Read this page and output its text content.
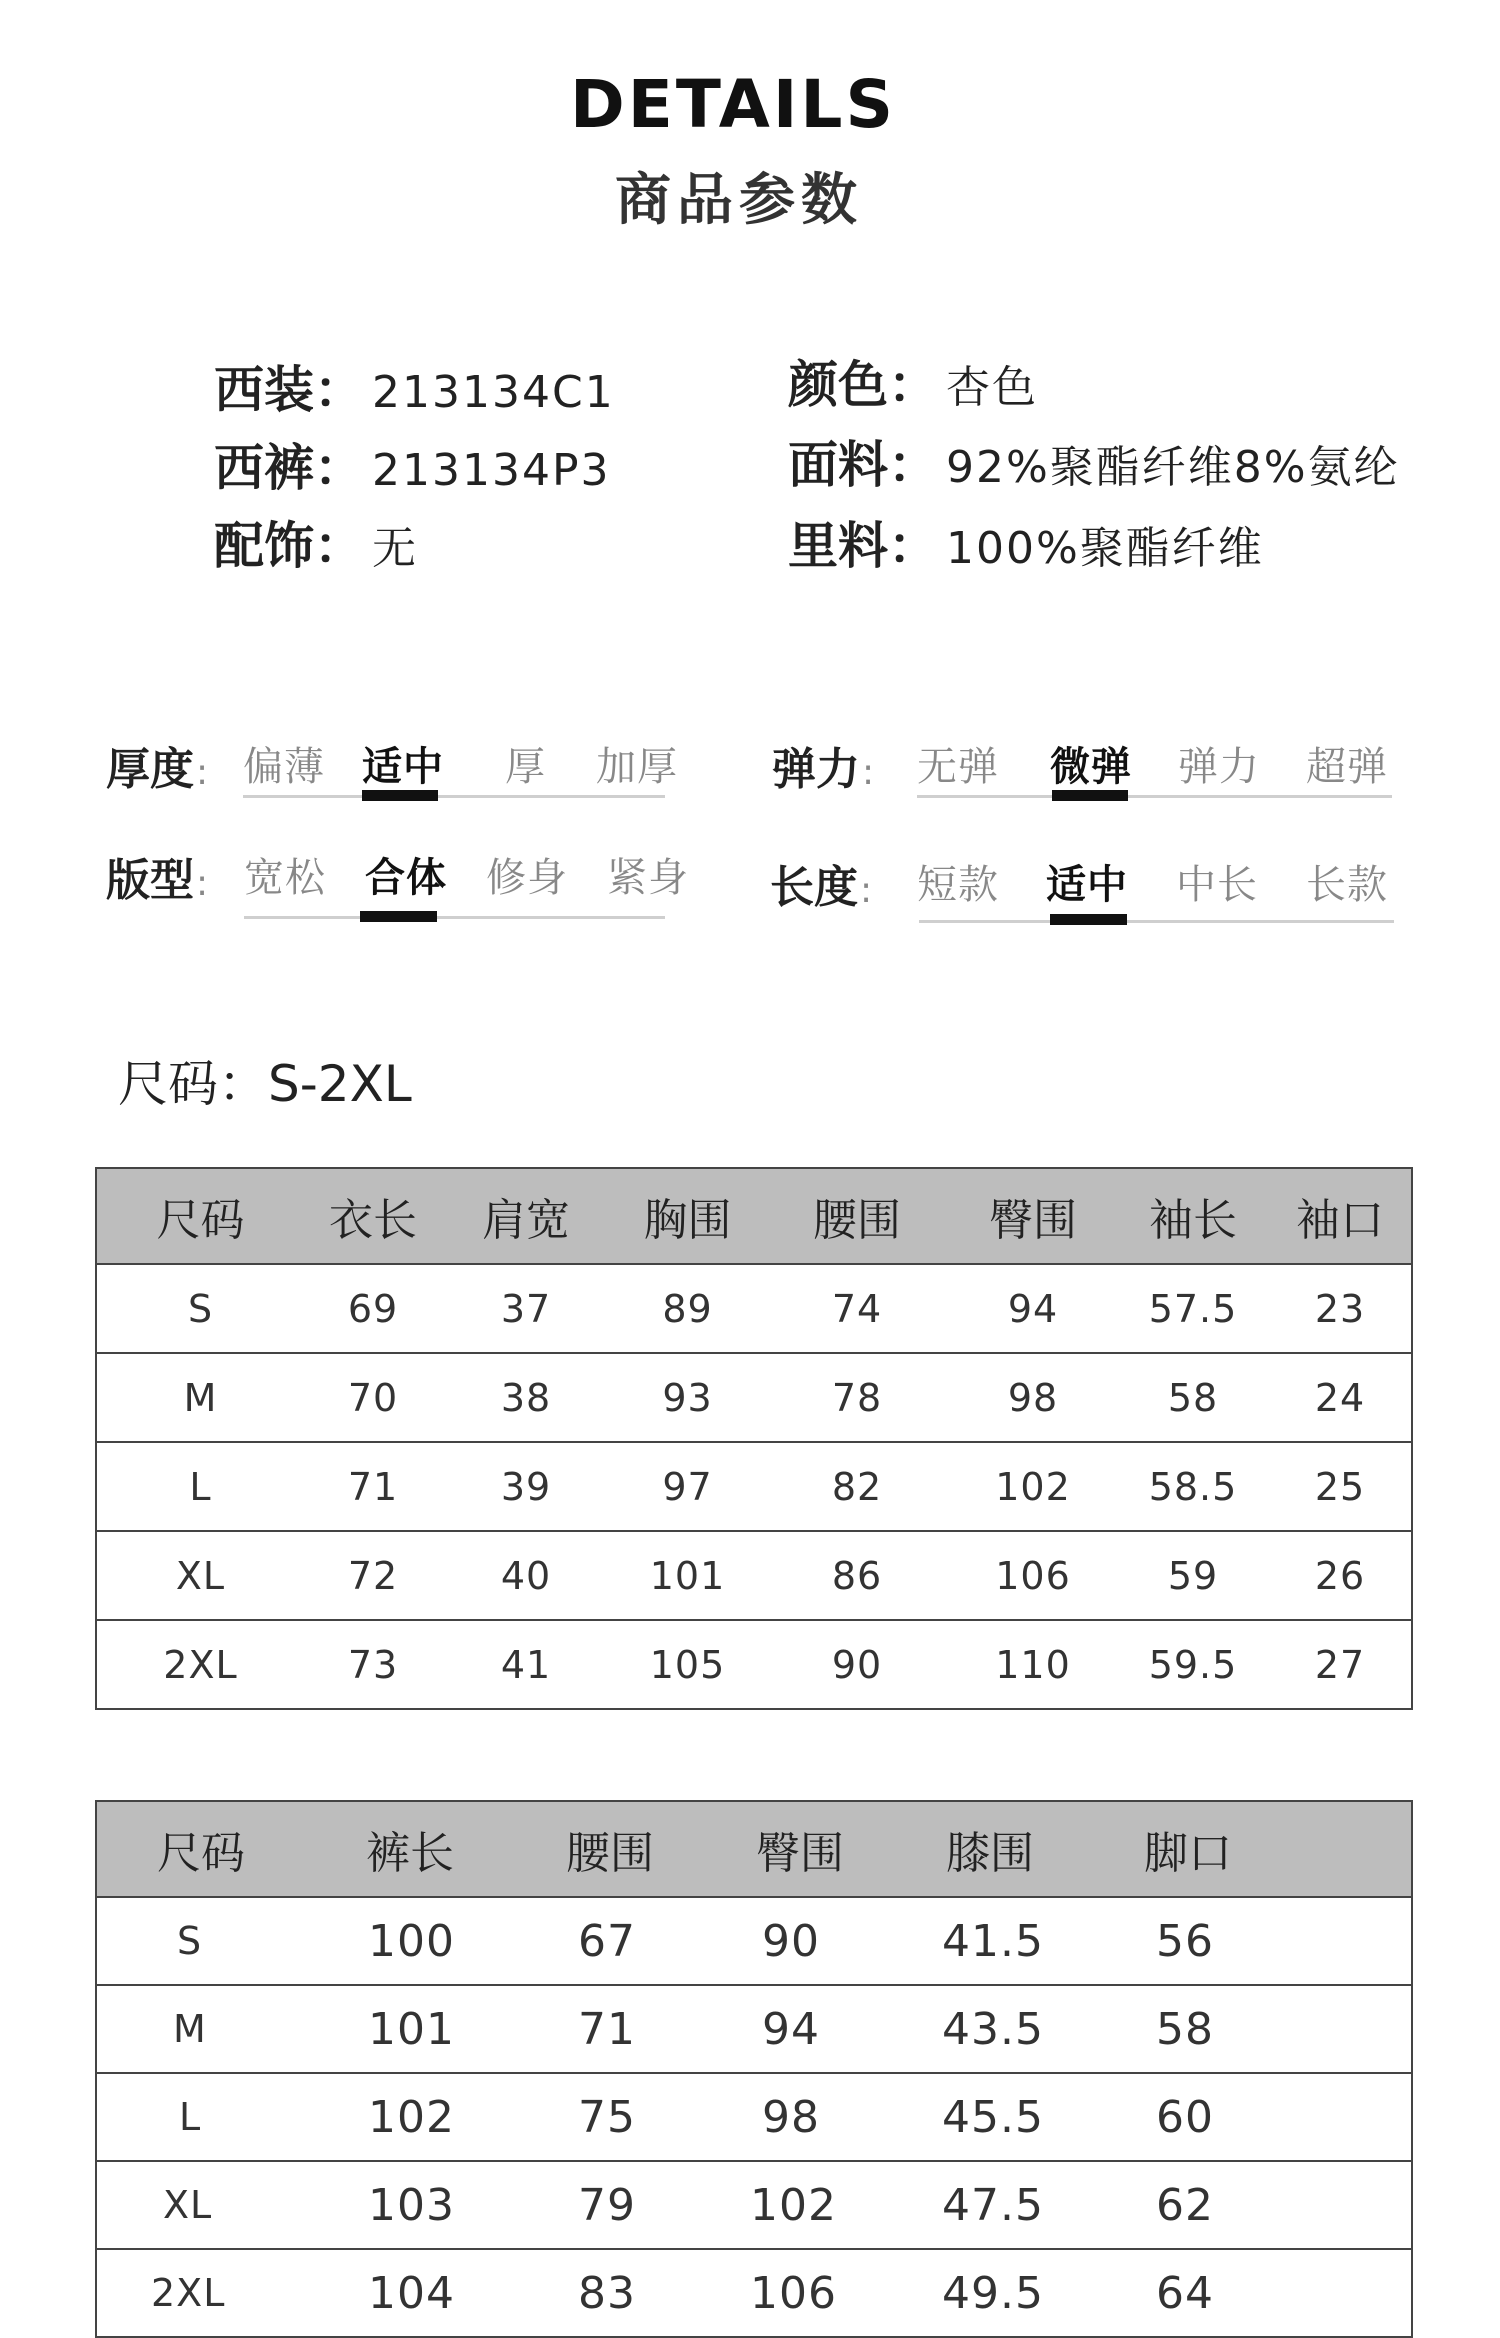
DETAILS
商品参数
西装： 213134C1
西裤： 213134P3
配饰： 无
颜色： 杏色
面料： 92%聚酯纤维8%氨纶
里料： 100%聚酯纤维
厚度: 偏薄 适中 厚 加厚 弹力: 无弹 微弹 弹力 超弹
版型: 宽松 合体 修身 紧身 长度: 短款 适中 中长 长款
尺码：S-2XL
尺码	衣长	肩宽	胸围	腰围	臀围	袖长	袖口
S	69	37	89	74	94	57.5	23
M	70	38	93	78	98	58	24
L	71	39	97	82	102	58.5	25
XL	72	40	101	86	106	59	26
2XL	73	41	105	90	110	59.5	27
尺码	裤长	腰围	臀围	膝围	脚口
S	100	67	90	41.5	56
M	101	71	94	43.5	58
L	102	75	98	45.5	60
XL	103	79	102	47.5	62
2XL	104	83	106	49.5	64
